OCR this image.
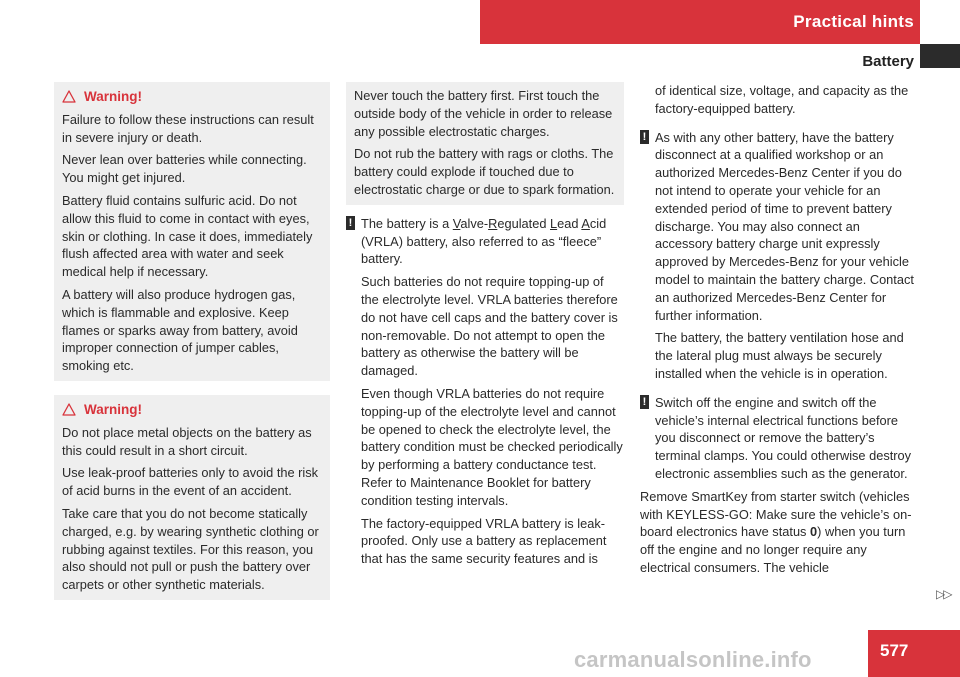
Practical hints
Battery
Warning!

Failure to follow these instructions can result in severe injury or death.

Never lean over batteries while connecting. You might get injured.

Battery fluid contains sulfuric acid. Do not allow this fluid to come in contact with eyes, skin or clothing. In case it does, immediately flush affected area with water and seek medical help if necessary.

A battery will also produce hydrogen gas, which is flammable and explosive. Keep flames or sparks away from battery, avoid improper connection of jumper cables, smoking etc.

Warning!

Do not place metal objects on the battery as this could result in a short circuit.

Use leak-proof batteries only to avoid the risk of acid burns in the event of an accident.

Take care that you do not become statically charged, e.g. by wearing synthetic clothing or rubbing against textiles. For this reason, you also should not pull or push the battery over carpets or other synthetic materials.

Never touch the battery first. First touch the outside body of the vehicle in order to release any possible electrostatic charges.

Do not rub the battery with rags or cloths. The battery could explode if touched due to electrostatic charge or due to spark formation.

! The battery is a Valve-Regulated Lead Acid (VRLA) battery, also referred to as “fleece” battery.

Such batteries do not require topping-up of the electrolyte level. VRLA batteries therefore do not have cell caps and the battery cover is non-removable. Do not attempt to open the battery as otherwise the battery will be damaged.

Even though VRLA batteries do not require topping-up of the electrolyte level and cannot be opened to check the electrolyte level, the battery condition must be checked periodically by performing a battery conductance test. Refer to Maintenance Booklet for battery condition testing intervals.

The factory-equipped VRLA battery is leak-proofed. Only use a battery as replacement that has the same security features and is

of identical size, voltage, and capacity as the factory-equipped battery.

! As with any other battery, have the battery disconnect at a qualified workshop or an authorized Mercedes-Benz Center if you do not intend to operate your vehicle for an extended period of time to prevent battery discharge. You may also connect an accessory battery charge unit expressly approved by Mercedes-Benz for your vehicle model to maintain the battery charge. Contact an authorized Mercedes-Benz Center for further information.

The battery, the battery ventilation hose and the lateral plug must always be securely installed when the vehicle is in operation.

! Switch off the engine and switch off the vehicle’s internal electrical functions before you disconnect or remove the battery’s terminal clamps. You could otherwise destroy electronic assemblies such as the generator.

Remove SmartKey from starter switch (vehicles with KEYLESS-GO: Make sure the vehicle’s on-board electronics have status 0) when you turn off the engine and no longer require any electrical consumers. The vehicle

▷▷
577
carmanualsonline.info
